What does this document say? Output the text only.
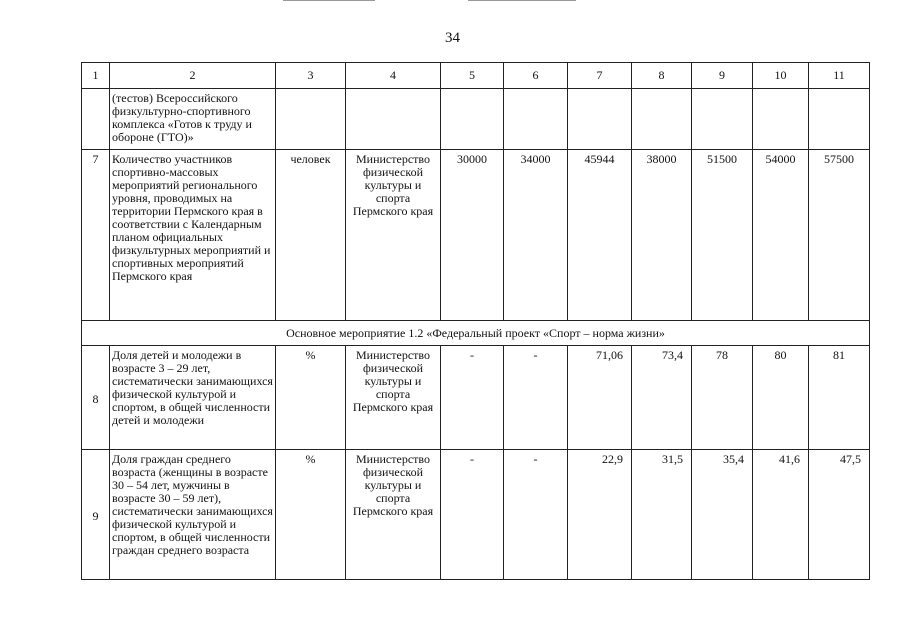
34
1	2	3	4	5	6	7	8	9	10	11
	(тестов) Всероссийского физкультурно-спортивного комплекса «Готов к труду и обороне (ГТО)»									
7	Количество участников спортивно-массовых мероприятий регионального уровня, проводимых на территории Пермского края в соответствии с Календарным планом официальных физкультурных мероприятий и спортивных мероприятий Пермского края	человек	Министерство физической культуры и спорта Пермского края	30000	34000	45944	38000	51500	54000	57500
Основное мероприятие 1.2 «Федеральный проект «Спорт – норма жизни»										
8	Доля детей и молодежи в возрасте 3 – 29 лет, систематически занимающихся физической культурой и спортом, в общей численности детей и молодежи	%	Министерство физической культуры и спорта Пермского края	-	-	71,06	73,4	78	80	81
9	Доля граждан среднего возраста (женщины в возрасте 30 – 54 лет, мужчины в возрасте 30 – 59 лет), систематически занимающихся физической культурой и спортом, в общей численности граждан среднего возраста	%	Министерство физической культуры и спорта Пермского края	-	-	22,9	31,5	35,4	41,6	47,5
